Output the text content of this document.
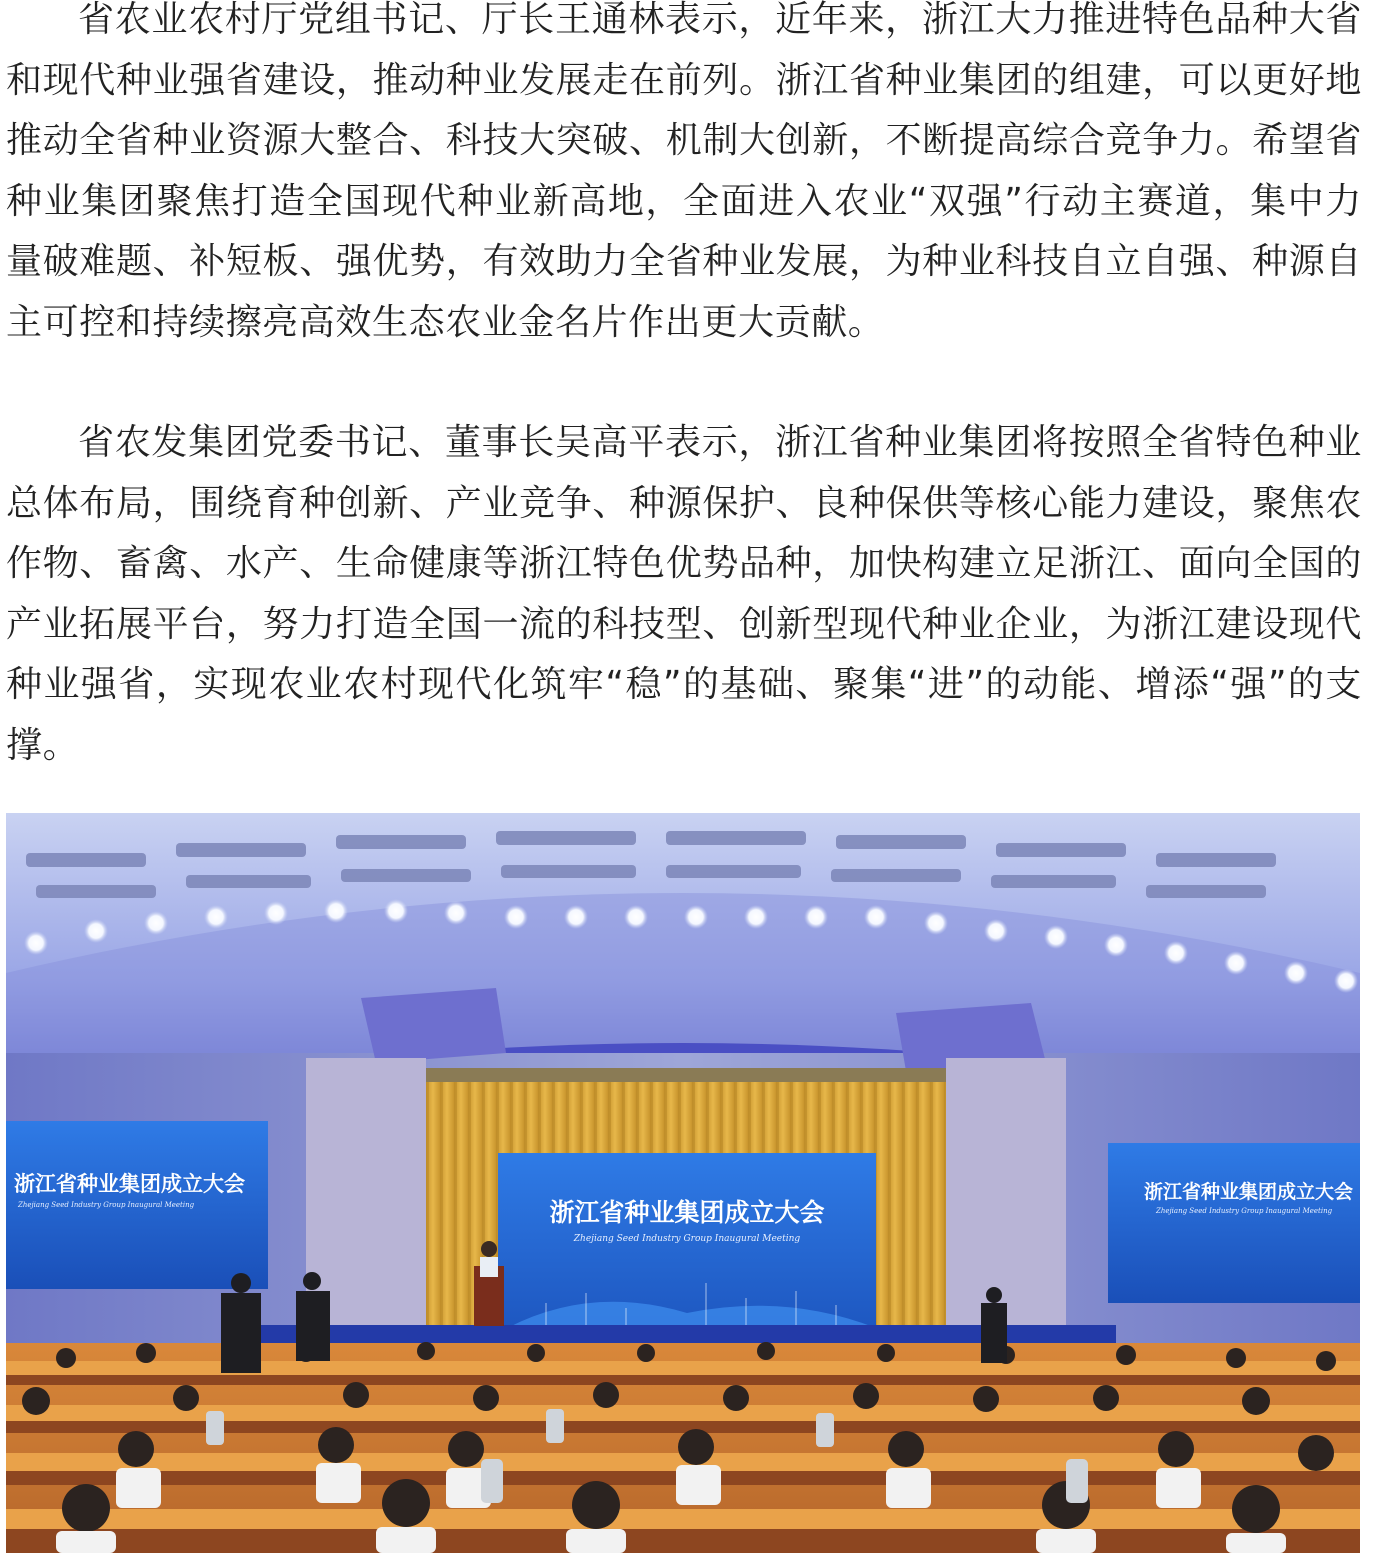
省农业农村厅党组书记、厅长王通林表示，近年来，浙江大力推进特色品种大省和现代种业强省建设，推动种业发展走在前列。浙江省种业集团的组建，可以更好地推动全省种业资源大整合、科技大突破、机制大创新，不断提高综合竞争力。希望省种业集团聚焦打造全国现代种业新高地，全面进入农业“双强”行动主赛道，集中力量破难题、补短板、强优势，有效助力全省种业发展，为种业科技自立自强、种源自主可控和持续擦亮高效生态农业金名片作出更大贡献。

省农发集团党委书记、董事长吴高平表示，浙江省种业集团将按照全省特色种业总体布局，围绕育种创新、产业竞争、种源保护、良种保供等核心能力建设，聚焦农作物、畜禽、水产、生命健康等浙江特色优势品种，加快构建立足浙江、面向全国的产业拓展平台，努力打造全国一流的科技型、创新型现代种业企业，为浙江建设现代种业强省，实现农业农村现代化筑牢“稳”的基础、聚集“进”的动能、增添“强”的支撑。

浙江省种业集团成立大会
Zhejiang Seed Industry Group Inaugural Meeting
浙江省种业集团成立大会
Zhejiang Seed Industry Group Inaugural Meeting
浙江省种业集团成立大会
Zhejiang Seed Industry Group Inaugural Meeting
